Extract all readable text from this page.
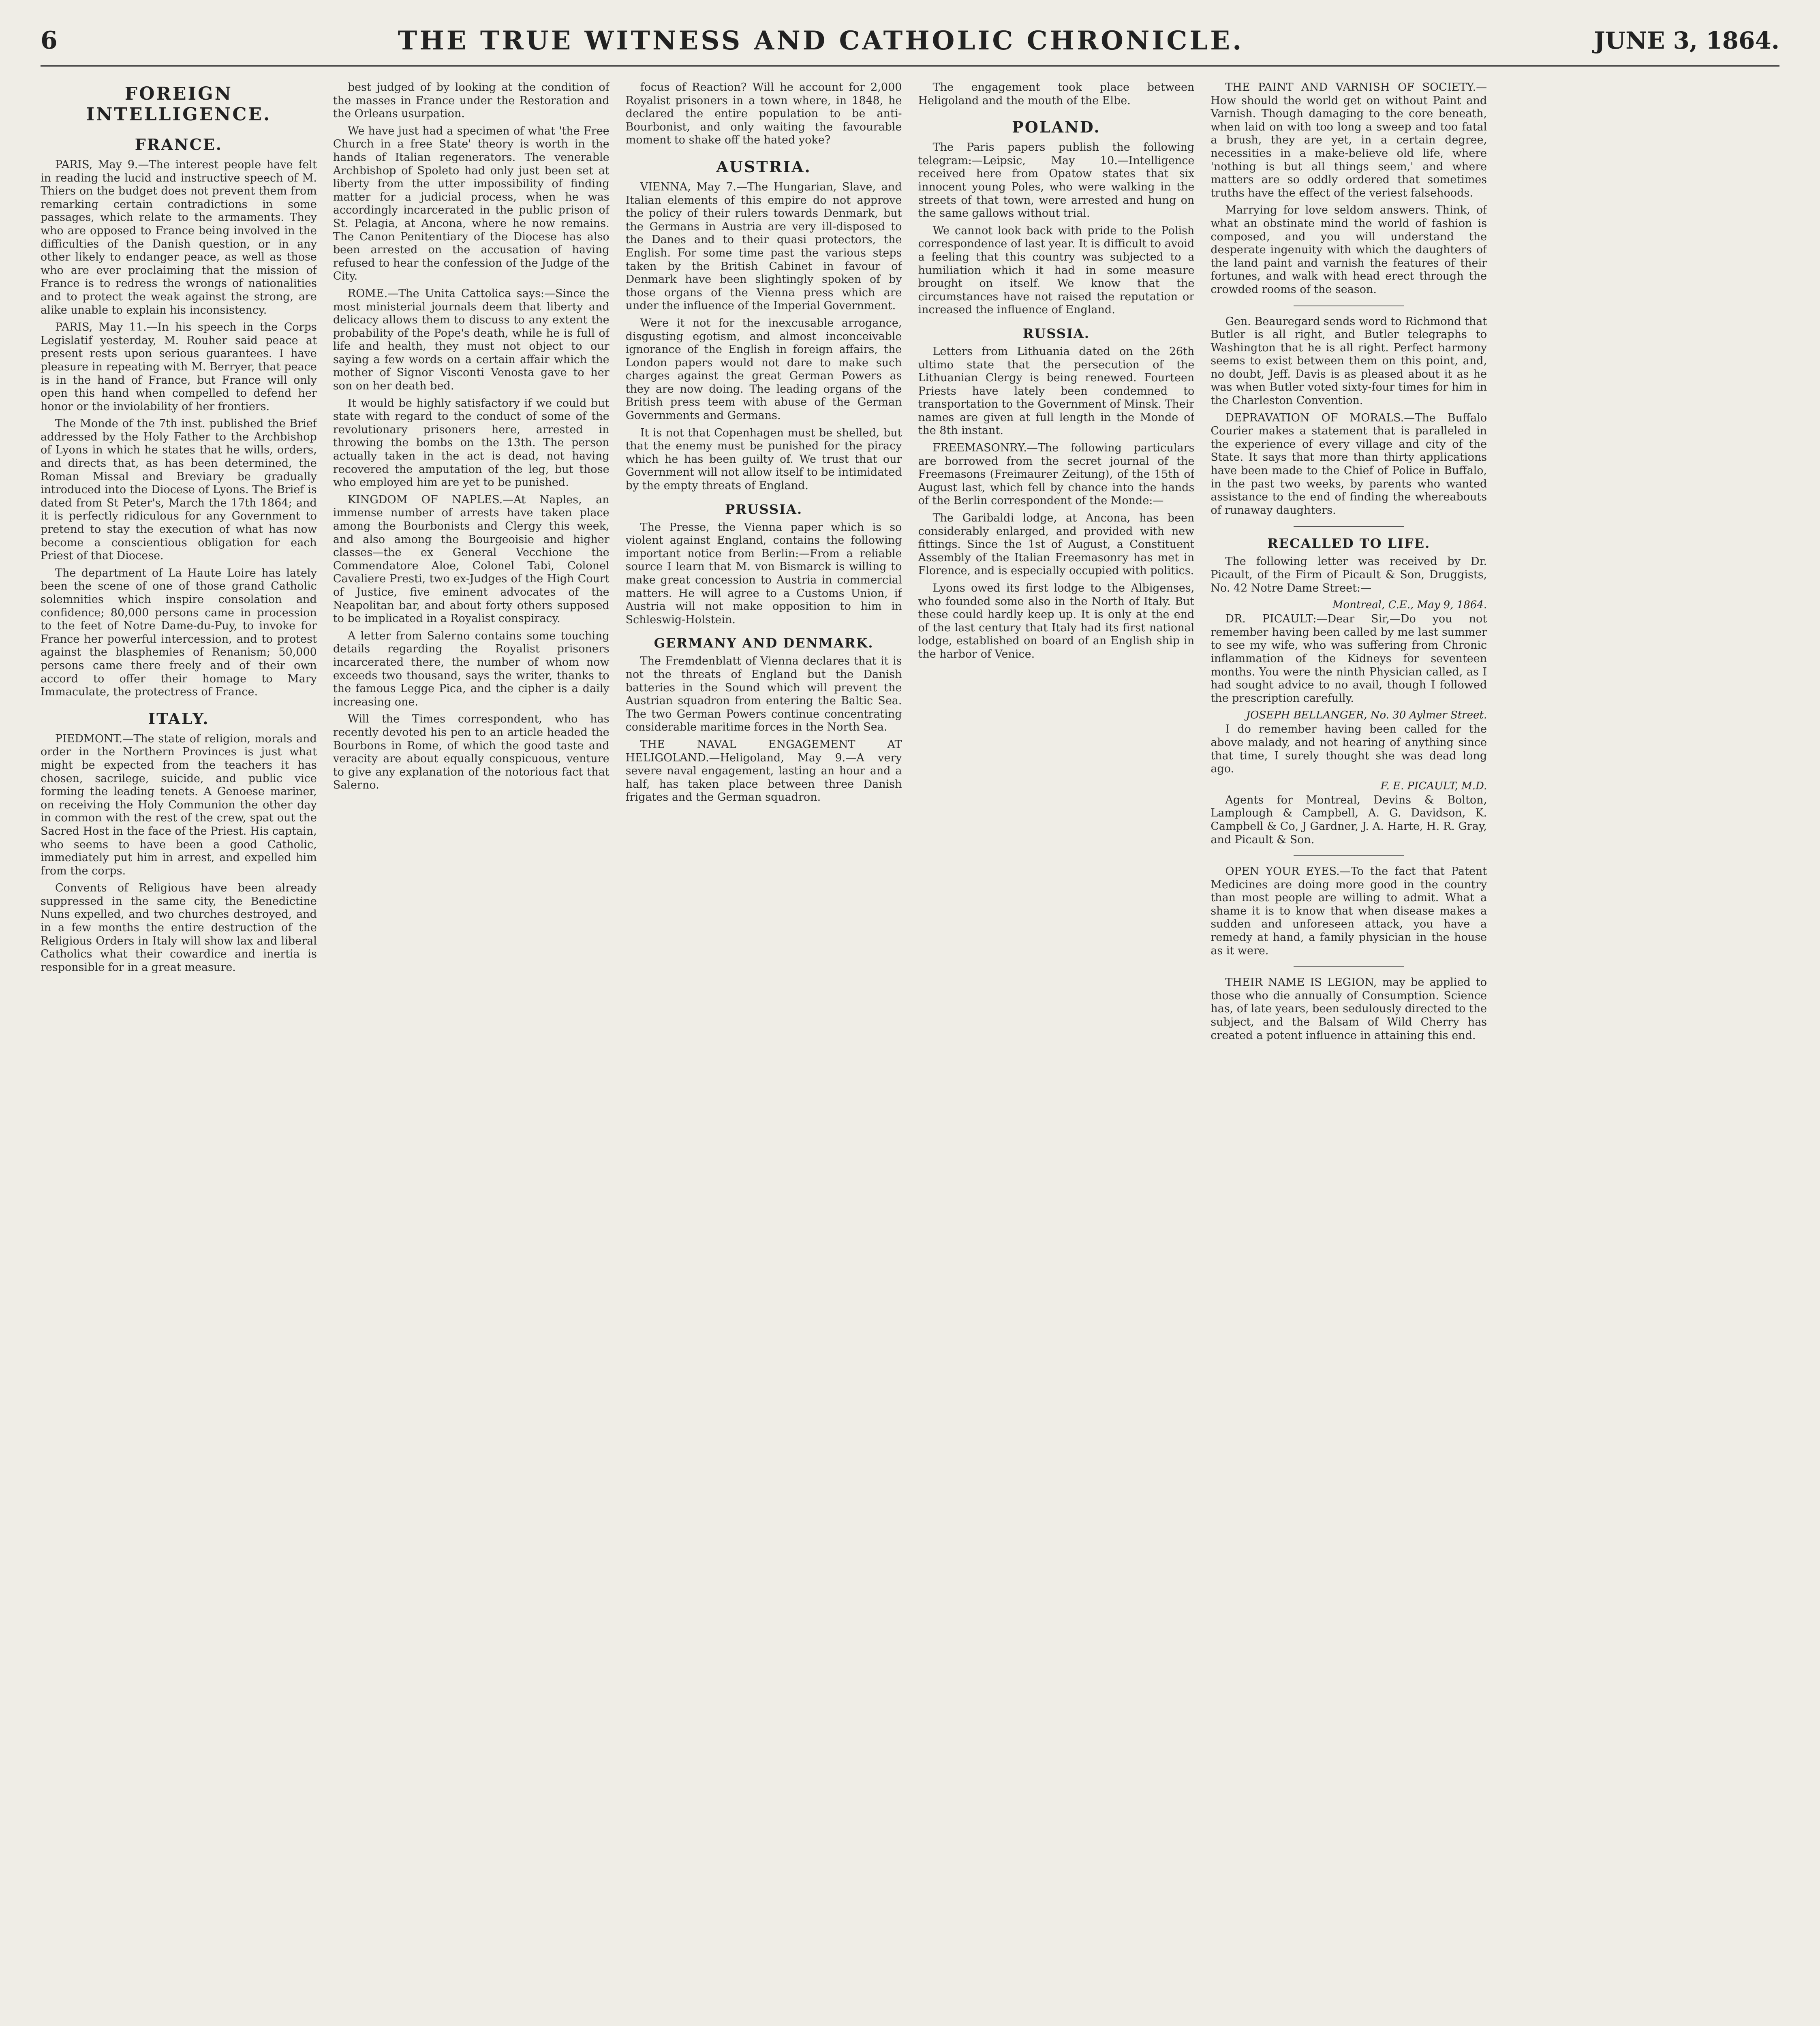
6	THE TRUE WITNESS AND CATHOLIC CHRONICLE.	JUNE 3, 1864.
FOREIGN INTELLIGENCE.
FRANCE.

PARIS, May 9.—The interest people have felt in reading the lucid and instructive speech of M. Thiers on the budget does not prevent them from remarking certain contradictions in some passages, which relate to the armaments. They who are opposed to France being involved in the difficulties of the Danish question, or in any other likely to endanger peace, as well as those who are ever proclaiming that the mission of France is to redress the wrongs of nationalities and to protect the weak against the strong, are alike unable to explain his inconsistency.

PARIS, May 11.—In his speech in the Corps Legislatif yesterday, M. Rouher said peace at present rests upon serious guarantees. I have pleasure in repeating with M. Berryer, that peace is in the hand of France, but France will only open this hand when compelled to defend her honor or the inviolability of her frontiers.

The Monde of the 7th inst. published the Brief addressed by the Holy Father to the Archbishop of Lyons in which he states that he wills, orders, and directs that, as has been determined, the Roman Missal and Breviary be gradually introduced into the Diocese of Lyons. The Brief is dated from St Peter's, March the 17th 1864; and it is perfectly ridiculous for any Government to pretend to stay the execution of what has now become a conscientious obligation for each Priest of that Diocese.

The department of La Haute Loire has lately been the scene of one of those grand Catholic solemnities which inspire consolation and confidence; 80,000 persons came in procession to the feet of Notre Dame-du-Puy, to invoke for France her powerful intercession, and to protest against the blasphemies of Renanism; 50,000 persons came there freely and of their own accord to offer their homage to Mary Immaculate, the protectress of France.

ITALY.

PIEDMONT.—The state of religion, morals and order in the Northern Provinces is just what might be expected from the teachers it has chosen, sacrilege, suicide, and public vice forming the leading tenets. A Genoese mariner, on receiving the Holy Communion the other day in common with the rest of the crew, spat out the Sacred Host in the face of the Priest. His captain, who seems to have been a good Catholic, immediately put him in arrest, and expelled him from the corps.

Convents of Religious have been already suppressed in the same city, the Benedictine Nuns expelled, and two churches destroyed, and in a few months the entire destruction of the Religious Orders in Italy will show lax and liberal Catholics what their cowardice and inertia is responsible for in a great measure.

best judged of by looking at the condition of the masses in France under the Restoration and the Orleans usurpation.

We have just had a specimen of what 'the Free Church in a free State' theory is worth in the hands of Italian regenerators. The venerable Archbishop of Spoleto had only just been set at liberty from the utter impossibility of finding matter for a judicial process, when he was accordingly incarcerated in the public prison of St. Pelagia, at Ancona, where he now remains. The Canon Penitentiary of the Diocese has also been arrested on the accusation of having refused to hear the confession of the Judge of the City.

ROME.—The Unita Cattolica says:—Since the most ministerial journals deem that liberty and delicacy allows them to discuss to any extent the probability of the Pope's death, while he is full of life and health, they must not object to our saying a few words on a certain affair which the mother of Signor Visconti Venosta gave to her son on her death bed.

It would be highly satisfactory if we could but state with regard to the conduct of some of the revolutionary prisoners here, arrested in throwing the bombs on the 13th. The person actually taken in the act is dead, not having recovered the amputation of the leg, but those who employed him are yet to be punished.

KINGDOM OF NAPLES.—At Naples, an immense number of arrests have taken place among the Bourbonists and Clergy this week, and also among the Bourgeoisie and higher classes—the ex General Vecchione the Commendatore Aloe, Colonel Tabi, Colonel Cavaliere Presti, two ex-Judges of the High Court of Justice, five eminent advocates of the Neapolitan bar, and about forty others supposed to be implicated in a Royalist conspiracy.

A letter from Salerno contains some touching details regarding the Royalist prisoners incarcerated there, the number of whom now exceeds two thousand, says the writer, thanks to the famous Legge Pica, and the cipher is a daily increasing one.

Will the Times correspondent, who has recently devoted his pen to an article headed the Bourbons in Rome, of which the good taste and veracity are about equally conspicuous, venture to give any explanation of the notorious fact that Salerno.

focus of Reaction? Will he account for 2,000 Royalist prisoners in a town where, in 1848, he declared the entire population to be anti-Bourbonist, and only waiting the favourable moment to shake off the hated yoke?

AUSTRIA.

VIENNA, May 7.—The Hungarian, Slave, and Italian elements of this empire do not approve the policy of their rulers towards Denmark, but the Germans in Austria are very ill-disposed to the Danes and to their quasi protectors, the English. For some time past the various steps taken by the British Cabinet in favour of Denmark have been slightingly spoken of by those organs of the Vienna press which are under the influence of the Imperial Government.

Were it not for the inexcusable arrogance, disgusting egotism, and almost inconceivable ignorance of the English in foreign affairs, the London papers would not dare to make such charges against the great German Powers as they are now doing. The leading organs of the British press teem with abuse of the German Governments and Germans.

It is not that Copenhagen must be shelled, but that the enemy must be punished for the piracy which he has been guilty of. We trust that our Government will not allow itself to be intimidated by the empty threats of England.

PRUSSIA.

The Presse, the Vienna paper which is so violent against England, contains the following important notice from Berlin:—From a reliable source I learn that M. von Bismarck is willing to make great concession to Austria in commercial matters. He will agree to a Customs Union, if Austria will not make opposition to him in Schleswig-Holstein.

GERMANY AND DENMARK.

The Fremdenblatt of Vienna declares that it is not the threats of England but the Danish batteries in the Sound which will prevent the Austrian squadron from entering the Baltic Sea. The two German Powers continue concentrating considerable maritime forces in the North Sea.

THE NAVAL ENGAGEMENT AT HELIGOLAND.—Heligoland, May 9.—A very severe naval engagement, lasting an hour and a half, has taken place between three Danish frigates and the German squadron.

The engagement took place between Heligoland and the mouth of the Elbe.

POLAND.

The Paris papers publish the following telegram:—Leipsic, May 10.—Intelligence received here from Opatow states that six innocent young Poles, who were walking in the streets of that town, were arrested and hung on the same gallows without trial.

We cannot look back with pride to the Polish correspondence of last year. It is difficult to avoid a feeling that this country was subjected to a humiliation which it had in some measure brought on itself. We know that the circumstances have not raised the reputation or increased the influence of England.

RUSSIA.

Letters from Lithuania dated on the 26th ultimo state that the persecution of the Lithuanian Clergy is being renewed. Fourteen Priests have lately been condemned to transportation to the Government of Minsk. Their names are given at full length in the Monde of the 8th instant.

FREEMASONRY.—The following particulars are borrowed from the secret journal of the Freemasons (Freimaurer Zeitung), of the 15th of August last, which fell by chance into the hands of the Berlin correspondent of the Monde:—

The Garibaldi lodge, at Ancona, has been considerably enlarged, and provided with new fittings. Since the 1st of August, a Constituent Assembly of the Italian Freemasonry has met in Florence, and is especially occupied with politics.

Lyons owed its first lodge to the Albigenses, who founded some also in the North of Italy. But these could hardly keep up. It is only at the end of the last century that Italy had its first national lodge, established on board of an English ship in the harbor of Venice.

THE PAINT AND VARNISH OF SOCIETY.—How should the world get on without Paint and Varnish. Though damaging to the core beneath, when laid on with too long a sweep and too fatal a brush, they are yet, in a certain degree, necessities in a make-believe old life, where 'nothing is but all things seem,' and where matters are so oddly ordered that sometimes truths have the effect of the veriest falsehoods.

Marrying for love seldom answers. Think, of what an obstinate mind the world of fashion is composed, and you will understand the desperate ingenuity with which the daughters of the land paint and varnish the features of their fortunes, and walk with head erect through the crowded rooms of the season.

Gen. Beauregard sends word to Richmond that Butler is all right, and Butler telegraphs to Washington that he is all right. Perfect harmony seems to exist between them on this point, and, no doubt, Jeff. Davis is as pleased about it as he was when Butler voted sixty-four times for him in the Charleston Convention.

DEPRAVATION OF MORALS.—The Buffalo Courier makes a statement that is paralleled in the experience of every village and city of the State. It says that more than thirty applications have been made to the Chief of Police in Buffalo, in the past two weeks, by parents who wanted assistance to the end of finding the whereabouts of runaway daughters.

RECALLED TO LIFE.

The following letter was received by Dr. Picault, of the Firm of Picault & Son, Druggists, No. 42 Notre Dame Street:—

Montreal, C.E., May 9, 1864.

DR. PICAULT:—Dear Sir,—Do you not remember having been called by me last summer to see my wife, who was suffering from Chronic inflammation of the Kidneys for seventeen months. You were the ninth Physician called, as I had sought advice to no avail, though I followed the prescription carefully.

JOSEPH BELLANGER, No. 30 Aylmer Street.

I do remember having been called for the above malady, and not hearing of anything since that time, I surely thought she was dead long ago.

F. E. PICAULT, M.D.

Agents for Montreal, Devins & Bolton, Lamplough & Campbell, A. G. Davidson, K. Campbell & Co, J Gardner, J. A. Harte, H. R. Gray, and Picault & Son.

OPEN YOUR EYES.—To the fact that Patent Medicines are doing more good in the country than most people are willing to admit. What a shame it is to know that when disease makes a sudden and unforeseen attack, you have a remedy at hand, a family physician in the house as it were.

THEIR NAME IS LEGION, may be applied to those who die annually of Consumption. Science has, of late years, been sedulously directed to the subject, and the Balsam of Wild Cherry has created a potent influence in attaining this end.
